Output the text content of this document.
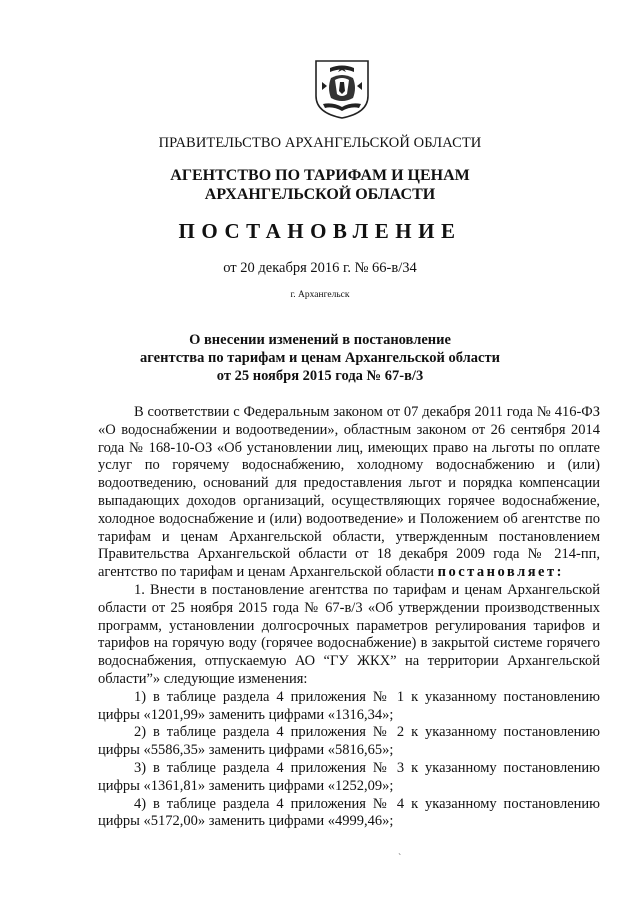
ПРАВИТЕЛЬСТВО АРХАНГЕЛЬСКОЙ ОБЛАСТИ
АГЕНТСТВО ПО ТАРИФАМ И ЦЕНАМ
АРХАНГЕЛЬСКОЙ ОБЛАСТИ
ПОСТАНОВЛЕНИЕ
от 20 декабря 2016 г. № 66-в/34
г. Архангельск
О внесении изменений в постановление
агентства по тарифам и ценам Архангельской области
от 25 ноября 2015 года № 67-в/3

В соответствии с Федеральным законом от 07 декабря 2011 года № 416-ФЗ «О водоснабжении и водоотведении», областным законом от 26 сентября 2014 года № 168-10-ОЗ «Об установлении лиц, имеющих право на льготы по оплате услуг по горячему водоснабжению, холодному водоснабжению и (или) водоотведению, оснований для предоставления льгот и порядка компенсации выпадающих доходов организаций, осуществляющих горячее водоснабжение, холодное водоснабжение и (или) водоотведение» и Положением об агентстве по тарифам и ценам Архангельской области, утвержденным постановлением Правительства Архангельской области от 18 декабря 2009 года № 214-пп, агентство по тарифам и ценам Архангельской области постановляет:

1. Внести в постановление агентства по тарифам и ценам Архангельской области от 25 ноября 2015 года № 67-в/3 «Об утверждении производственных программ, установлении долгосрочных параметров регулирования тарифов и тарифов на горячую воду (горячее водоснабжение) в закрытой системе горячего водоснабжения, отпускаемую АО “ГУ ЖКХ” на территории Архангельской области”» следующие изменения:

1) в таблице раздела 4 приложения № 1 к указанному постановлению цифры «1201,99» заменить цифрами «1316,34»;

2) в таблице раздела 4 приложения № 2 к указанному постановлению цифры «5586,35» заменить цифрами «5816,65»;

3) в таблице раздела 4 приложения № 3 к указанному постановлению цифры «1361,81» заменить цифрами «1252,09»;

4) в таблице раздела 4 приложения № 4 к указанному постановлению цифры «5172,00» заменить цифрами «4999,46»;

`
